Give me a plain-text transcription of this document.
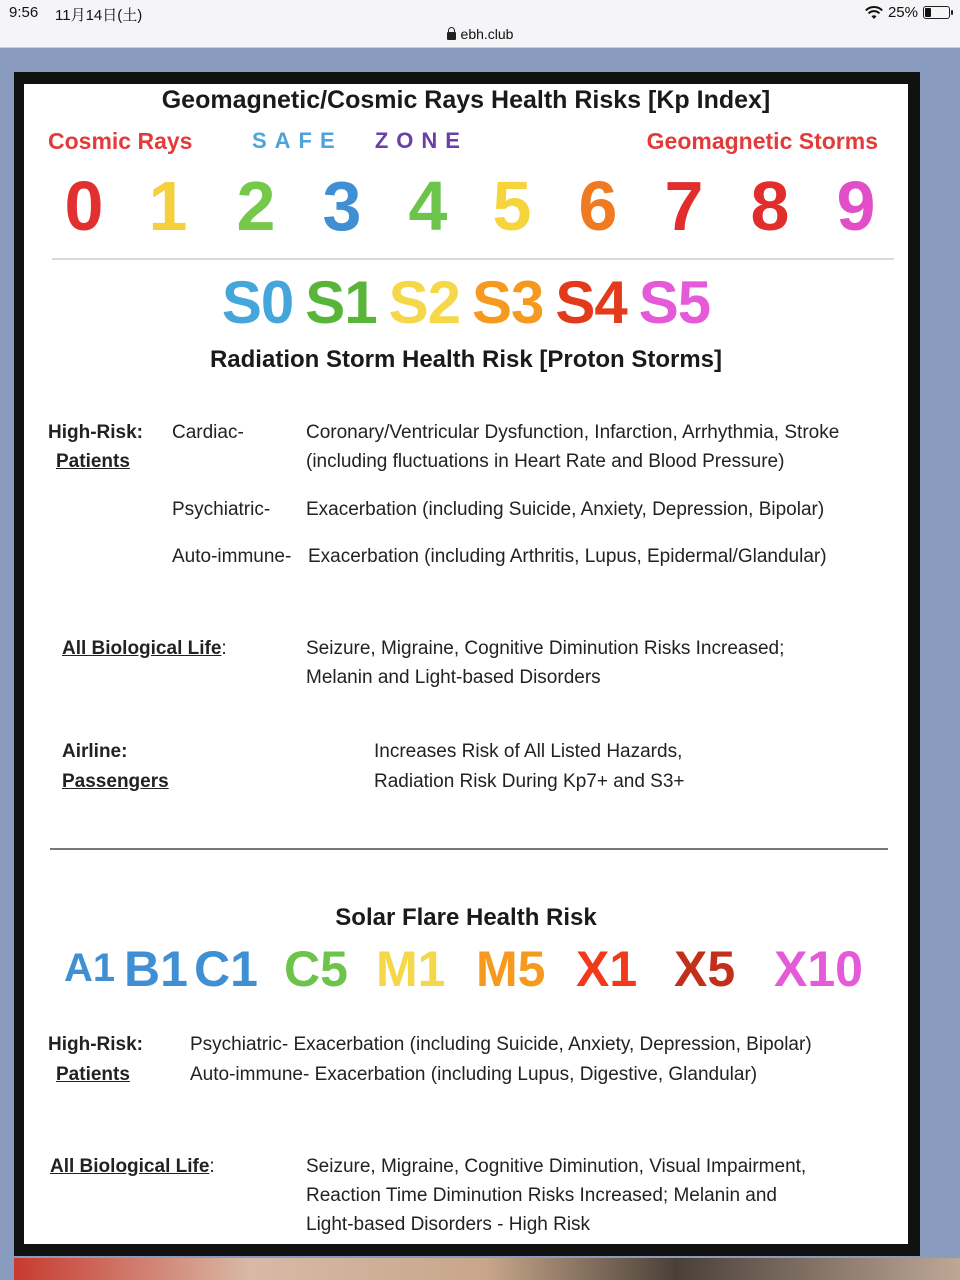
9:56 11月14日(土)	25%
ebh.club
Geomagnetic/Cosmic Rays Health Risks [Kp Index]
Cosmic Rays	SAFE ZONE	Geomagnetic Storms
0 1 2 3 4 5 6 7 8 9
S0 S1 S2 S3 S4 S5
Radiation Storm Health Risk [Proton Storms]
High-Risk:
Patients
Cardiac-	Coronary/Ventricular Dysfunction, Infarction, Arrhythmia, Stroke
(including fluctuations in Heart Rate and Blood Pressure)
Psychiatric- Exacerbation (including Suicide, Anxiety, Depression, Bipolar)
Auto-immune- Exacerbation (including Arthritis, Lupus, Epidermal/Glandular)
All Biological Life:	Seizure, Migraine, Cognitive Diminution Risks Increased;
Melanin and Light-based Disorders
Airline:
Passengers
Increases Risk of All Listed Hazards,
Radiation Risk During Kp7+ and S3+
Solar Flare Health Risk
A1 B1 C1 C5 M1 M5 X1 X5 X10
High-Risk:
Patients
Psychiatric- Exacerbation (including Suicide, Anxiety, Depression, Bipolar)
Auto-immune- Exacerbation (including Lupus, Digestive, Glandular)
All Biological Life:	Seizure, Migraine, Cognitive Diminution, Visual Impairment,
Reaction Time Diminution Risks Increased; Melanin and
Light-based Disorders - High Risk
